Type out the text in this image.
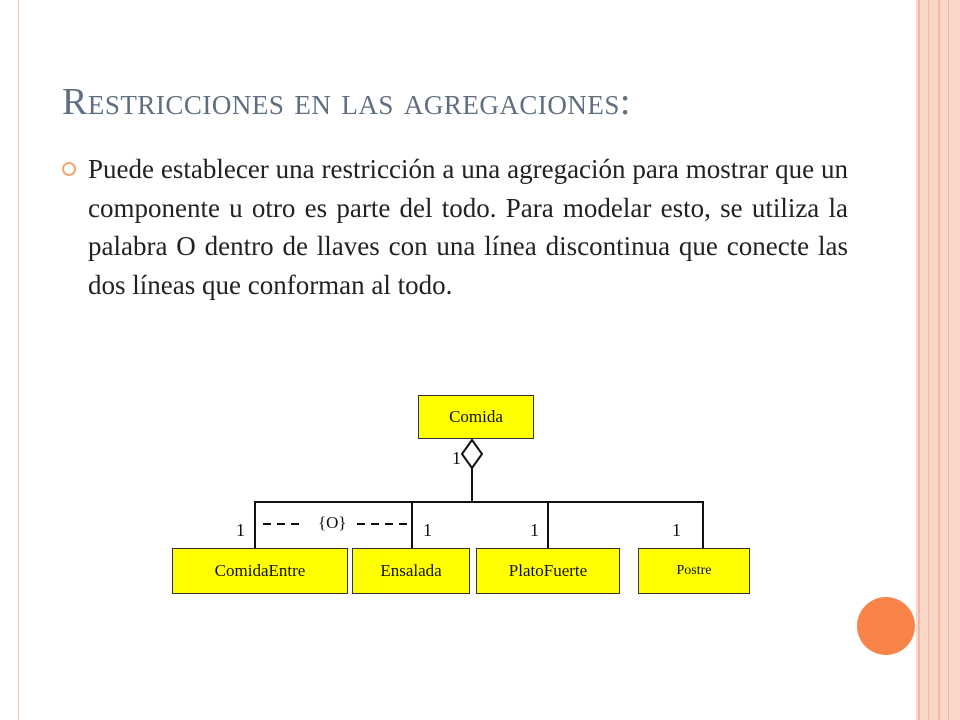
Restricciones en las agregaciones:

Puede establecer una restricción a una agregación para mostrar que un componente u otro es parte del todo. Para modelar esto, se utiliza la palabra O dentro de llaves con una línea discontinua que conecte las dos líneas que conforman al todo.

Comida
ComidaEntre	Ensalada	PlatoFuerte	Postre
1
1	1	1	1
{O}
